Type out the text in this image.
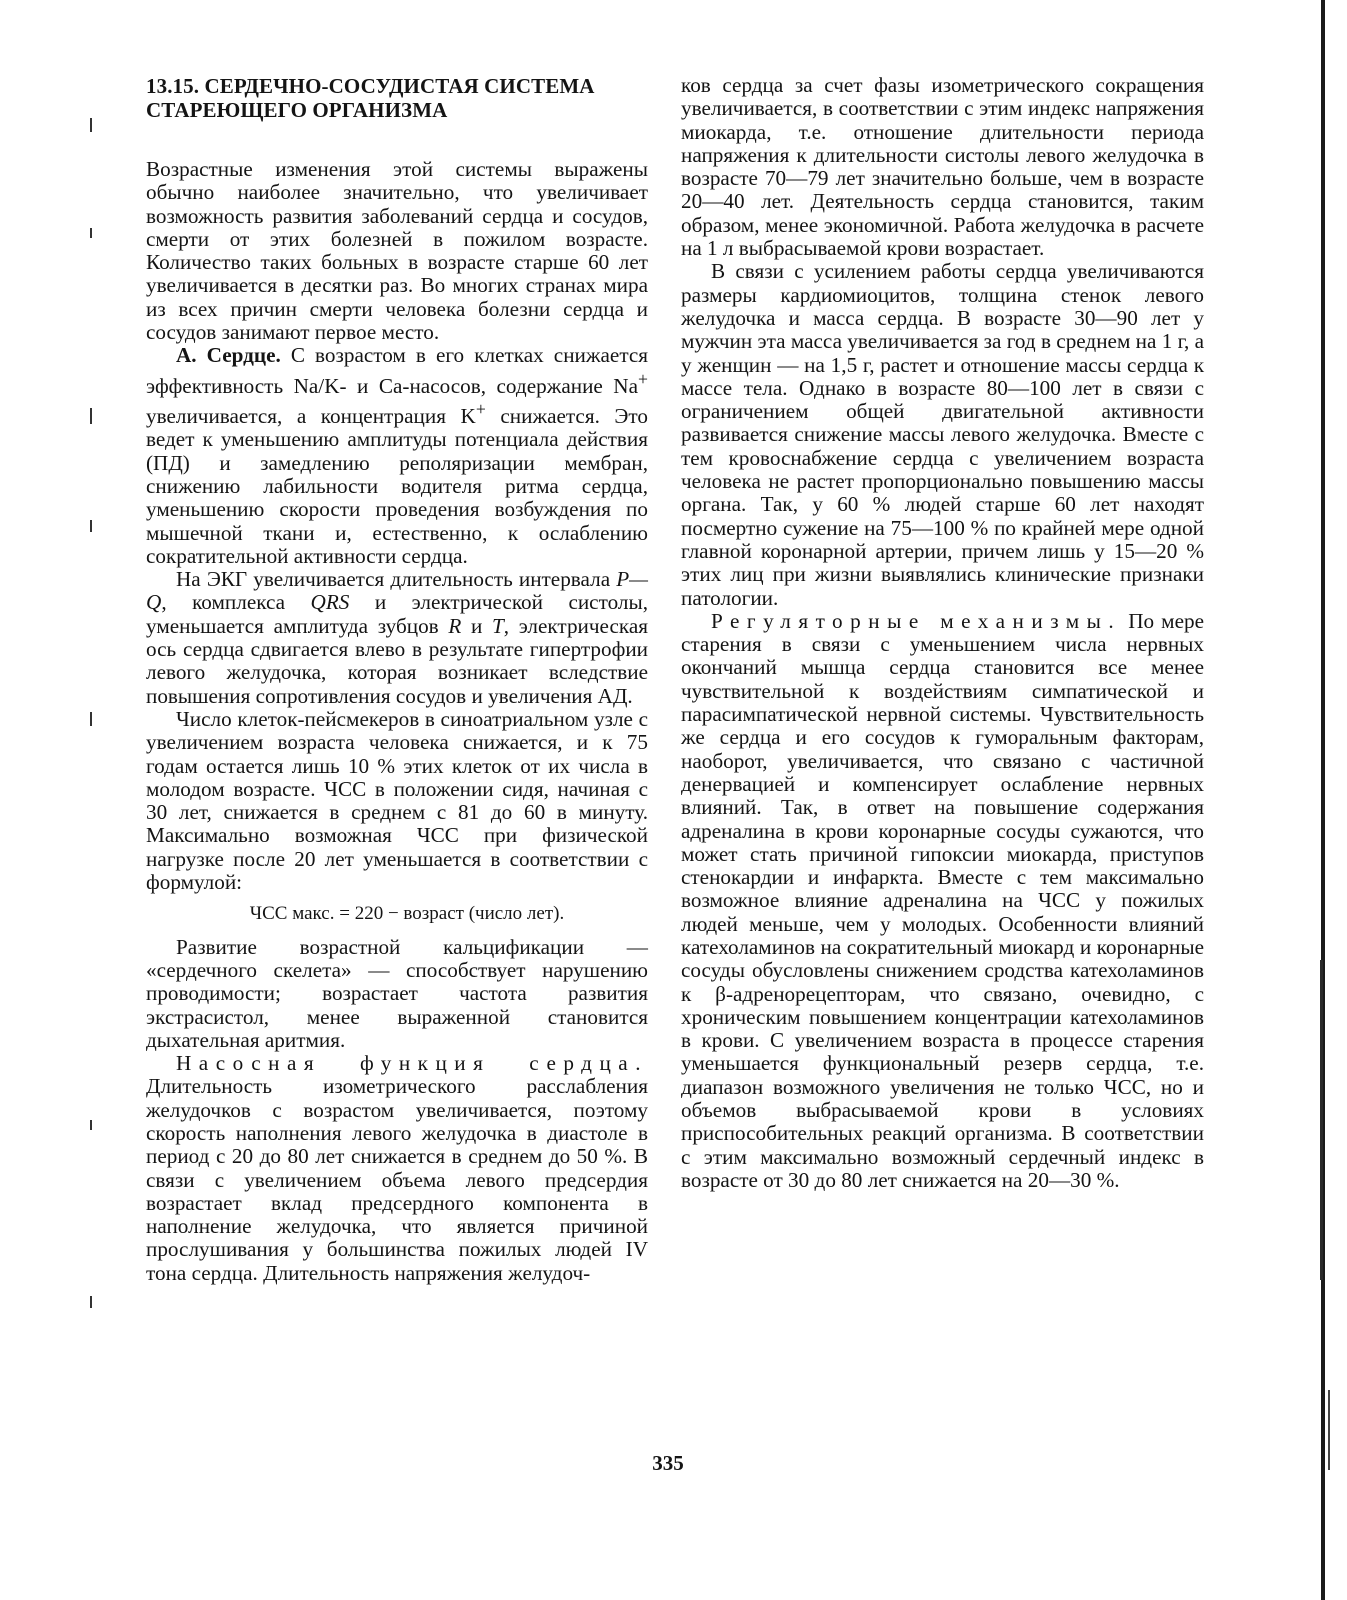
13.15. СЕРДЕЧНО-СОСУДИСТАЯ СИСТЕМА
СТАРЕЮЩЕГО ОРГАНИЗМА

Возрастные изменения этой системы выражены обычно наиболее значительно, что увеличивает возможность развития заболеваний сердца и сосудов, смерти от этих болезней в пожилом возрасте. Количество таких больных в возрасте старше 60 лет увеличивается в десятки раз. Во многих странах мира из всех причин смерти человека болезни сердца и сосудов занимают первое место.

А. Сердце. С возрастом в его клетках снижается эффективность Na/K- и Ca-насосов, содержание Na+ увеличивается, а концентрация K+ снижается. Это ведет к уменьшению амплитуды потенциала действия (ПД) и замедлению реполяризации мембран, снижению лабильности водителя ритма сердца, уменьшению скорости проведения возбуждения по мышечной ткани и, естественно, к ослаблению сократительной активности сердца.

На ЭКГ увеличивается длительность интервала P—Q, комплекса QRS и электрической систолы, уменьшается амплитуда зубцов R и T, электрическая ось сердца сдвигается влево в результате гипертрофии левого желудочка, которая возникает вследствие повышения сопротивления сосудов и увеличения АД.

Число клеток-пейсмекеров в синоатриальном узле с увеличением возраста человека снижается, и к 75 годам остается лишь 10 % этих клеток от их числа в молодом возрасте. ЧСС в положении сидя, начиная с 30 лет, снижается в среднем с 81 до 60 в минуту. Максимально возможная ЧСС при физической нагрузке после 20 лет уменьшается в соответствии с формулой:

ЧСС макс. = 220 − возраст (число лет).

Развитие возрастной кальцификации — «сердечного скелета» — способствует нарушению проводимости; возрастает частота развития экстрасистол, менее выраженной становится дыхательная аритмия.

Насосная функция сердца. Длительность изометрического расслабления желудочков с возрастом увеличивается, поэтому скорость наполнения левого желудочка в диастоле в период с 20 до 80 лет снижается в среднем до 50 %. В связи с увеличением объема левого предсердия возрастает вклад предсердного компонента в наполнение желудочка, что является причиной прослушивания у большинства пожилых людей IV тона сердца. Длительность напряжения желудоч-

ков сердца за счет фазы изометрического сокращения увеличивается, в соответствии с этим индекс напряжения миокарда, т.е. отношение длительности периода напряжения к длительности систолы левого желудочка в возрасте 70—79 лет значительно больше, чем в возрасте 20—40 лет. Деятельность сердца становится, таким образом, менее экономичной. Работа желудочка в расчете на 1 л выбрасываемой крови возрастает.

В связи с усилением работы сердца увеличиваются размеры кардиомиоцитов, толщина стенок левого желудочка и масса сердца. В возрасте 30—90 лет у мужчин эта масса увеличивается за год в среднем на 1 г, а у женщин — на 1,5 г, растет и отношение массы сердца к массе тела. Однако в возрасте 80—100 лет в связи с ограничением общей двигательной активности развивается снижение массы левого желудочка. Вместе с тем кровоснабжение сердца с увеличением возраста человека не растет пропорционально повышению массы органа. Так, у 60 % людей старше 60 лет находят посмертно сужение на 75—100 % по крайней мере одной главной коронарной артерии, причем лишь у 15—20 % этих лиц при жизни выявлялись клинические признаки патологии.

Регуляторные механизмы. По мере старения в связи с уменьшением числа нервных окончаний мышца сердца становится все менее чувствительной к воздействиям симпатической и парасимпатической нервной системы. Чувствительность же сердца и его сосудов к гуморальным факторам, наоборот, увеличивается, что связано с частичной денервацией и компенсирует ослабление нервных влияний. Так, в ответ на повышение содержания адреналина в крови коронарные сосуды сужаются, что может стать причиной гипоксии миокарда, приступов стенокардии и инфаркта. Вместе с тем максимально возможное влияние адреналина на ЧСС у пожилых людей меньше, чем у молодых. Особенности влияний катехоламинов на сократительный миокард и коронарные сосуды обусловлены снижением сродства катехоламинов к β-адренорецепторам, что связано, очевидно, с хроническим повышением концентрации катехоламинов в крови. С увеличением возраста в процессе старения уменьшается функциональный резерв сердца, т.е. диапазон возможного увеличения не только ЧСС, но и объемов выбрасываемой крови в условиях приспособительных реакций организма. В соответствии с этим максимально возможный сердечный индекс в возрасте от 30 до 80 лет снижается на 20—30 %.

335
